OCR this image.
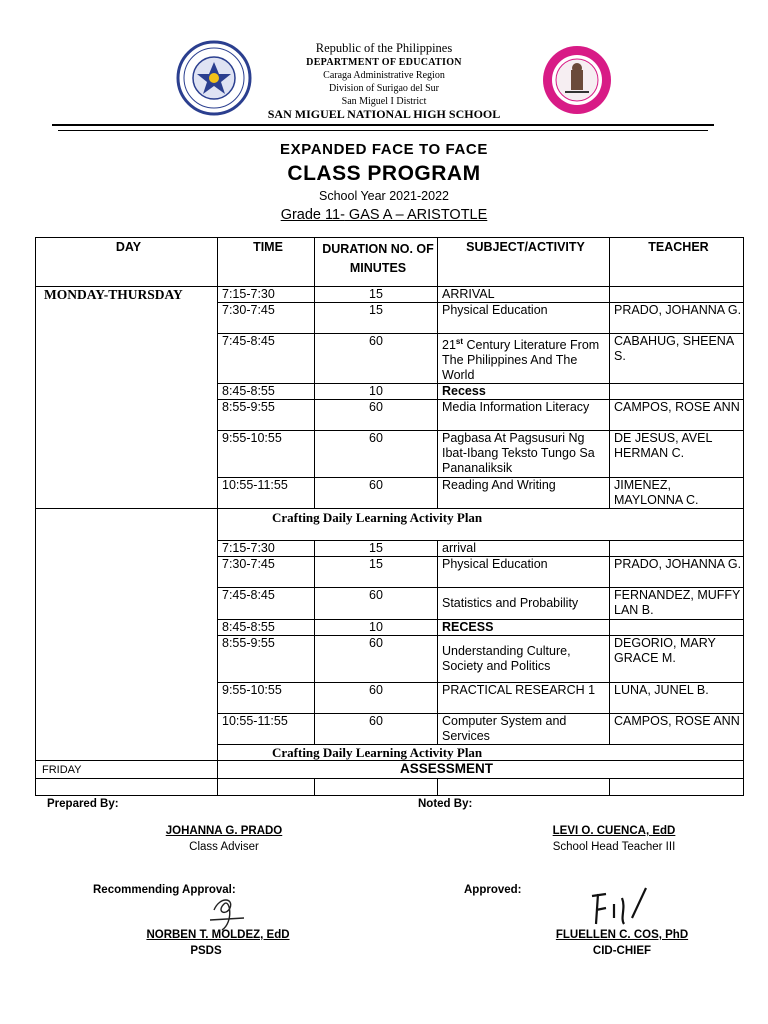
Republic of the Philippines
DEPARTMENT OF EDUCATION
Caraga Administrative Region
Division of Surigao del Sur
San Miguel I District
SAN MIGUEL NATIONAL HIGH SCHOOL
EXPANDED FACE TO FACE
CLASS PROGRAM
School Year 2021-2022
Grade 11- GAS A – ARISTOTLE
DAY	TIME	DURATION NO. OF MINUTES	SUBJECT/ACTIVITY	TEACHER
MONDAY-THURSDAY	7:15-7:30	15	ARRIVAL	
	7:30-7:45	15	Physical Education	PRADO, JOHANNA G.
	7:45-8:45	60	21st Century Literature From The Philippines And The World	CABAHUG, SHEENA S.
	8:45-8:55	10	Recess	
	8:55-9:55	60	Media Information Literacy	CAMPOS, ROSE ANN
	9:55-10:55	60	Pagbasa At Pagsusuri Ng Ibat-Ibang Teksto Tungo Sa Pananaliksik	DE JESUS, AVEL HERMAN C.
	10:55-11:55	60	Reading And Writing	JIMENEZ, MAYLONNA C.
	Crafting Daily Learning Activity Plan			
	7:15-7:30	15	arrival	
	7:30-7:45	15	Physical Education	PRADO, JOHANNA G.
	7:45-8:45	60	Statistics and Probability	FERNANDEZ, MUFFY LAN B.
	8:45-8:55	10	RECESS	
	8:55-9:55	60	Understanding Culture, Society and Politics	DEGORIO, MARY GRACE M.
	9:55-10:55	60	PRACTICAL RESEARCH 1	LUNA, JUNEL B.
	10:55-11:55	60	Computer System and Services	CAMPOS, ROSE ANN
	Crafting Daily Learning Activity Plan			
FRIDAY	ASSESSMENT			

Prepared By:	Noted By:
JOHANNA G. PRADO
Class Adviser
LEVI O. CUENCA, EdD
School Head Teacher III
Recommending Approval:	Approved:
NORBEN T. MOLDEZ, EdD
PSDS
FLUELLEN C. COS, PhD
CID-CHIEF
